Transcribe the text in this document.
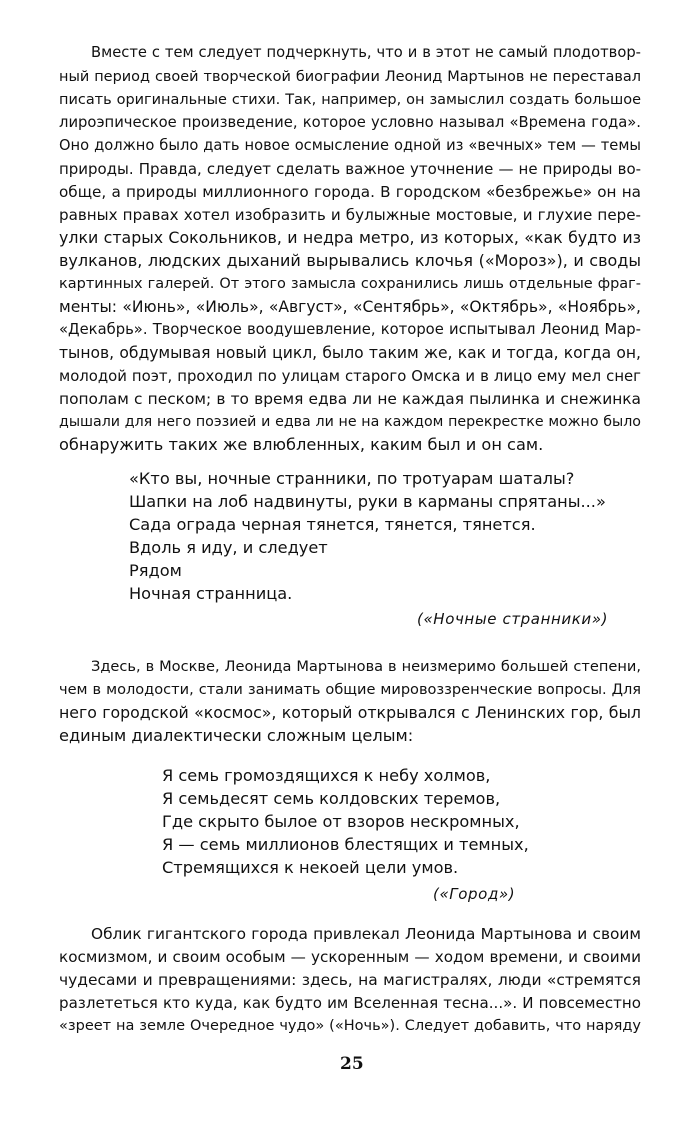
Вместе с тем следует подчеркнуть, что и в этот не самый плодотвор-
ный период своей творческой биографии Леонид Мартынов не переставал
писать оригинальные стихи. Так, например, он замыслил создать большое
лироэпическое произведение, которое условно называл «Времена года».
Оно должно было дать новое осмысление одной из «вечных» тем — темы
природы. Правда, следует сделать важное уточнение — не природы во-
обще, а природы миллионного города. В городском «безбрежье» он на
равных правах хотел изобразить и булыжные мостовые, и глухие пере-
улки старых Сокольников, и недра метро, из которых, «как будто из
вулканов, людских дыханий вырывались клочья («Мороз»), и своды
картинных галерей. От этого замысла сохранились лишь отдельные фраг-
менты: «Июнь», «Июль», «Август», «Сентябрь», «Октябрь», «Ноябрь»,
«Декабрь». Творческое воодушевление, которое испытывал Леонид Мар-
тынов, обдумывая новый цикл, было таким же, как и тогда, когда он,
молодой поэт, проходил по улицам старого Омска и в лицо ему мел снег
пополам с песком; в то время едва ли не каждая пылинка и снежинка
дышали для него поэзией и едва ли не на каждом перекрестке можно было
обнаружить таких же влюбленных, каким был и он сам.
«Кто вы, ночные странники, по тротуарам шаталы?
Шапки на лоб надвинуты, руки в карманы спрятаны...»
Сада ограда черная тянется, тянется, тянется.
Вдоль я иду, и следует
Рядом
Ночная странница.
(«Ночные странники»)
Здесь, в Москве, Леонида Мартынова в неизмеримо большей степени,
чем в молодости, стали занимать общие мировоззренческие вопросы. Для
него городской «космос», который открывался с Ленинских гор, был
единым диалектически сложным целым:
Я семь громоздящихся к небу холмов,
Я семьдесят семь колдовских теремов,
Где скрыто былое от взоров нескромных,
Я — семь миллионов блестящих и темных,
Стремящихся к некоей цели умов.
(«Город»)
Облик гигантского города привлекал Леонида Мартынова и своим
космизмом, и своим особым — ускоренным — ходом времени, и своими
чудесами и превращениями: здесь, на магистралях, люди «стремятся
разлететься кто куда, как будто им Вселенная тесна...». И повсеместно
«зреет на земле Очередное чудо» («Ночь»). Следует добавить, что наряду
25
